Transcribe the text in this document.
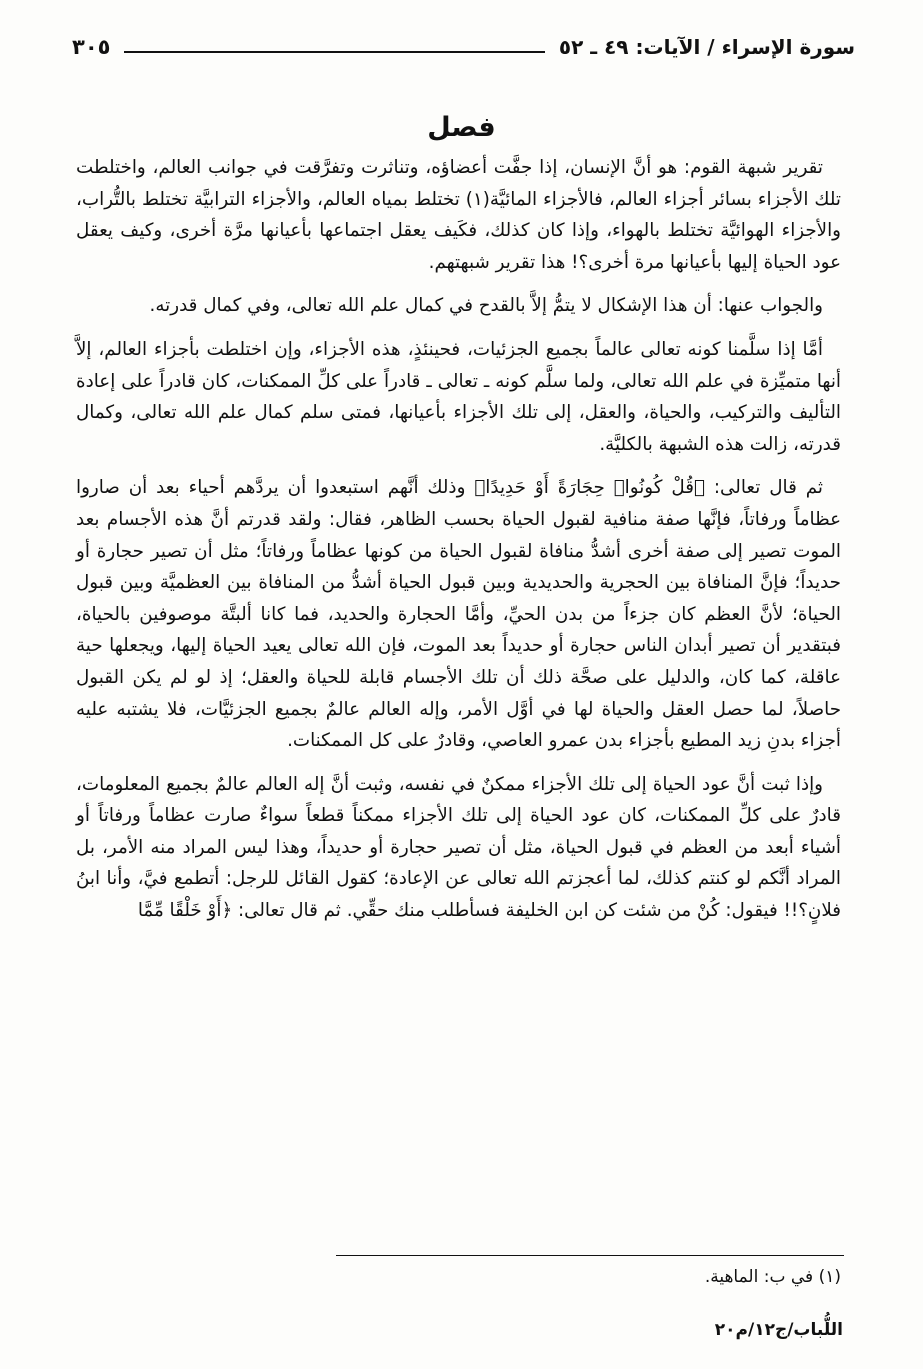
سورة الإسراء / الآيات: ٤٩ ـ ٥٢
٣٠٥
فصل

تقرير شبهة القوم: هو أنَّ الإنسان، إذا جفَّت أعضاؤه، وتناثرت وتفرَّقت في جوانب العالم، واختلطت تلك الأجزاء بسائر أجزاء العالم، فالأجزاء المائيَّة(١) تختلط بمياه العالم، والأجزاء الترابيَّة تختلط بالتُّراب، والأجزاء الهوائيَّة تختلط بالهواء، وإذا كان كذلك، فكَيف يعقل اجتماعها بأعيانها مرَّة أخرى، وكيف يعقل عود الحياة إليها بأعيانها مرة أخرى؟! هذا تقرير شبهتهم.

والجواب عنها: أن هذا الإشكال لا يتمُّ إلاَّ بالقدح في كمال علم الله تعالى، وفي كمال قدرته.

أمَّا إذا سلَّمنا كونه تعالى عالماً بجميع الجزئيات، فحينئذٍ، هذه الأجزاء، وإن اختلطت بأجزاء العالم، إلاَّ أنها متميِّزة في علم الله تعالى، ولما سلَّم كونه ـ تعالى ـ قادراً على كلِّ الممكنات، كان قادراً على إعادة التأليف والتركيب، والحياة، والعقل، إلى تلك الأجزاء بأعيانها، فمتى سلم كمال علم الله تعالى، وكمال قدرته، زالت هذه الشبهة بالكليَّة.

ثم قال تعالى: ﴿قُلْ كُونُوا۟ حِجَارَةً أَوْ حَدِيدًا﴾ وذلك أنَّهم استبعدوا أن يردَّهم أحياء بعد أن صاروا عظاماً ورفاتاً، فإنَّها صفة منافية لقبول الحياة بحسب الظاهر، فقال: ولقد قدرتم أنَّ هذه الأجسام بعد الموت تصير إلى صفة أخرى أشدُّ منافاة لقبول الحياة من كونها عظاماً ورفاتاً؛ مثل أن تصير حجارة أو حديداً؛ فإنَّ المنافاة بين الحجرية والحديدية وبين قبول الحياة أشدُّ من المنافاة بين العظميَّة وبين قبول الحياة؛ لأنَّ العظم كان جزءاً من بدن الحيِّ، وأمَّا الحجارة والحديد، فما كانا ألبتَّة موصوفين بالحياة، فبتقدير أن تصير أبدان الناس حجارة أو حديداً بعد الموت، فإن الله تعالى يعيد الحياة إليها، ويجعلها حية عاقلة، كما كان، والدليل على صحَّة ذلك أن تلك الأجسام قابلة للحياة والعقل؛ إذ لو لم يكن القبول حاصلاً، لما حصل العقل والحياة لها في أوَّل الأمر، وإله العالم عالمٌ بجميع الجزئيَّات، فلا يشتبه عليه أجزاء بدنِ زيد المطيع بأجزاء بدن عمرو العاصي، وقادرٌ على كل الممكنات.

وإذا ثبت أنَّ عود الحياة إلى تلك الأجزاء ممكنٌ في نفسه، وثبت أنَّ إله العالم عالمٌ بجميع المعلومات، قادرٌ على كلِّ الممكنات، كان عود الحياة إلى تلك الأجزاء ممكناً قطعاً سواءٌ صارت عظاماً ورفاتاً أو أشياء أبعد من العظم في قبول الحياة، مثل أن تصير حجارة أو حديداً، وهذا ليس المراد منه الأمر، بل المراد أنَّكم لو كنتم كذلك، لما أعجزتم الله تعالى عن الإعادة؛ كقول القائل للرجل: أتطمع فيَّ، وأنا ابنُ فلانٍ؟!! فيقول: كُنْ من شئت كن ابن الخليفة فسأطلب منك حقِّي. ثم قال تعالى: ﴿أَوْ خَلْقًا مِّمَّا

(١) في ب: الماهية.
اللُّباب/ج١٢/م٢٠
